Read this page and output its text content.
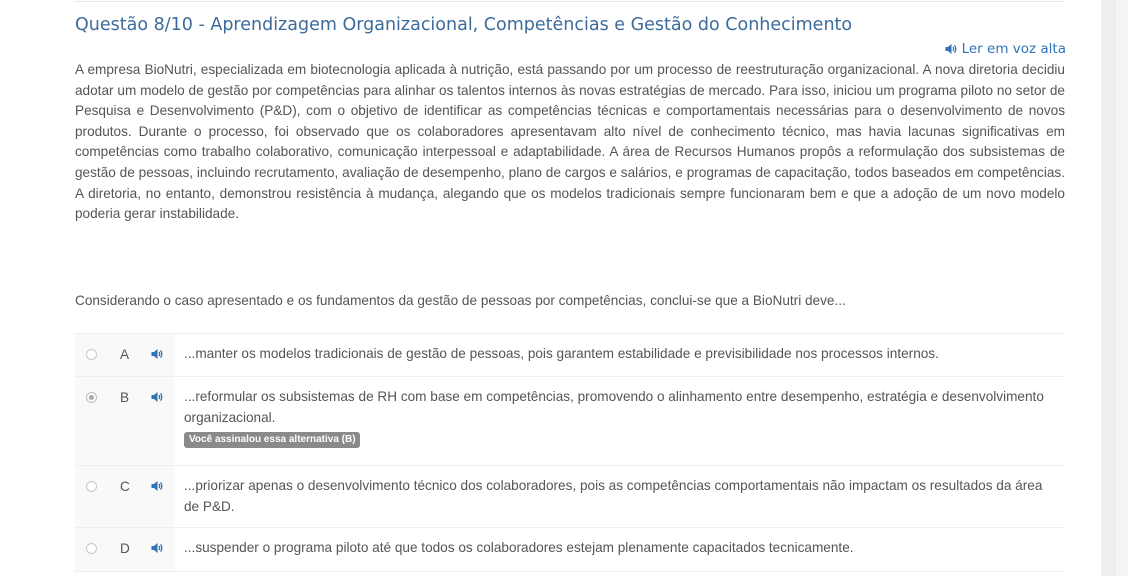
Questão 8/10 - Aprendizagem Organizacional, Competências e Gestão do Conhecimento
Ler em voz alta
A empresa BioNutri, especializada em biotecnologia aplicada à nutrição, está passando por um processo de reestruturação organizacional. A nova diretoria decidiu adotar um modelo de gestão por competências para alinhar os talentos internos às novas estratégias de mercado. Para isso, iniciou um programa piloto no setor de Pesquisa e Desenvolvimento (P&D), com o objetivo de identificar as competências técnicas e comportamentais necessárias para o desenvolvimento de novos produtos. Durante o processo, foi observado que os colaboradores apresentavam alto nível de conhecimento técnico, mas havia lacunas significativas em competências como trabalho colaborativo, comunicação interpessoal e adaptabilidade. A área de Recursos Humanos propôs a reformulação dos subsistemas de gestão de pessoas, incluindo recrutamento, avaliação de desempenho, plano de cargos e salários, e programas de capacitação, todos baseados em competências. A diretoria, no entanto, demonstrou resistência à mudança, alegando que os modelos tradicionais sempre funcionaram bem e que a adoção de um novo modelo poderia gerar instabilidade.
Considerando o caso apresentado e os fundamentos da gestão de pessoas por competências, conclui-se que a BioNutri deve...
A	...manter os modelos tradicionais de gestão de pessoas, pois garantem estabilidade e previsibilidade nos processos internos.
B	...reformular os subsistemas de RH com base em competências, promovendo o alinhamento entre desempenho, estratégia e desenvolvimento organizacional.
Você assinalou essa alternativa (B)
C	...priorizar apenas o desenvolvimento técnico dos colaboradores, pois as competências comportamentais não impactam os resultados da área de P&D.
D	...suspender o programa piloto até que todos os colaboradores estejam plenamente capacitados tecnicamente.
